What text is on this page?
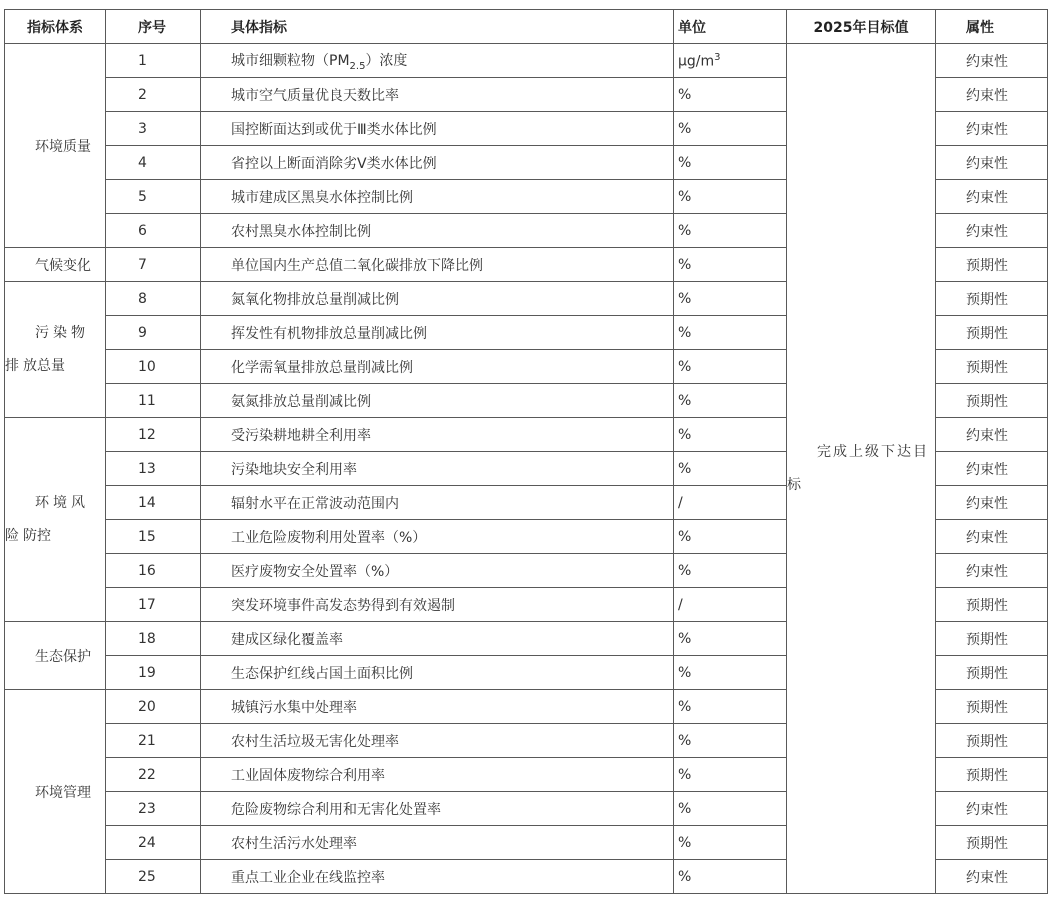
指标体系	序号	具体指标	单位	2025年目标值	属性
环境质量	1	城市细颗粒物$(PM_{2.5})$浓度	$\mu g/m^3$	完成上级下达目标	约束性
	2	城市空气质量优良天数比率	%		约束性
	3	国控断面达到或优于Ⅲ类水体比例	%		约束性
	4	省控以上断面消除劣Ⅴ类水体比例	%		约束性
	5	城市建成区黑臭水体控制比例	%		约束性
	6	农村黑臭水体控制比例	%		约束性
气候变化	7	单位国内生产总值二氧化碳排放下降比例	%		预期性
污染物排放总量	8	氮氧化物排放总量削减比例	%		预期性
	9	挥发性有机物排放总量削减比例	%		预期性
	10	化学需氧量排放总量削减比例	%		预期性
	11	氨氮排放总量削减比例	%		预期性
环境风险防控	12	受污染耕地耕全利用率	%		约束性
	13	污染地块安全利用率	%		约束性
	14	辐射水平在正常波动范围内	/		约束性
	15	工业危险废物利用处置率（%）	%		约束性
	16	医疗废物安全处置率（%）	%		约束性
	17	突发环境事件高发态势得到有效遏制	/		预期性
生态保护	18	建成区绿化覆盖率	%		预期性
	19	生态保护红线占国土面积比例	%		预期性
环境管理	20	城镇污水集中处理率	%		预期性
	21	农村生活垃圾无害化处理率	%		预期性
	22	工业固体废物综合利用率	%		预期性
	23	危险废物综合利用和无害化处置率	%		约束性
	24	农村生活污水处理率	%		预期性
	25	重点工业企业在线监控率	%		约束性
